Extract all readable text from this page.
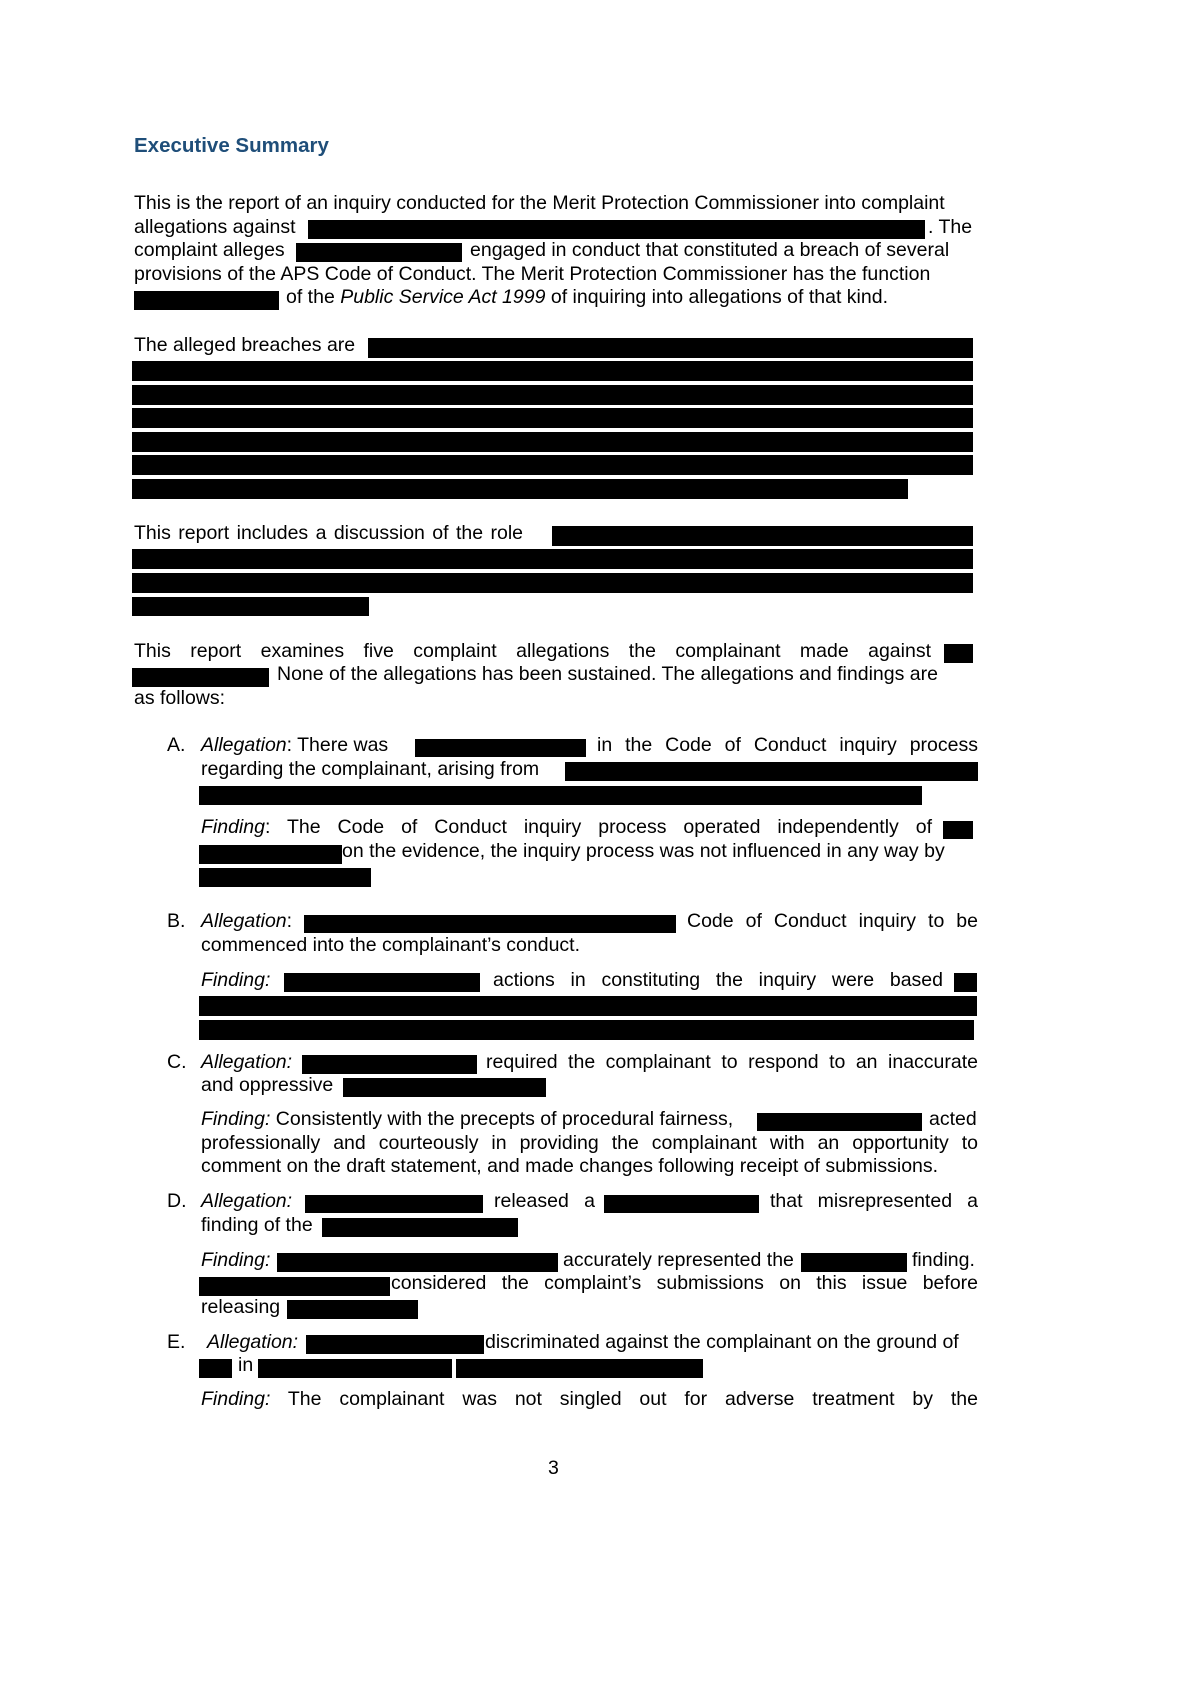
Executive Summary
This is the report of an inquiry conducted for the Merit Protection Commissioner into complaint
allegations against	. The
complaint alleges	engaged in conduct that constituted a breach of several
provisions of the APS Code of Conduct. The Merit Protection Commissioner has the function
of the Public Service Act 1999 of inquiring into allegations of that kind.
The alleged breaches are
This report includes a discussion of the role
This report examines five complaint allegations the complainant made against
None of the allegations has been sustained. The allegations and findings are
as follows:
A. Allegation: There was	in the Code of Conduct inquiry process
regarding the complainant, arising from
Finding: The Code of Conduct inquiry process operated independently of
on the evidence, the inquiry process was not influenced in any way by
B. Allegation:	Code of Conduct inquiry to be
commenced into the complainant’s conduct.
Finding:	actions in constituting the inquiry were based
C. Allegation:	required the complainant to respond to an inaccurate
and oppressive
Finding: Consistently with the precepts of procedural fairness,	acted
professionally and courteously in providing the complainant with an opportunity to
comment on the draft statement, and made changes following receipt of submissions.
D. Allegation:	released a	that misrepresented a
finding of the
Finding:	accurately represented the	finding.
considered the complaint’s submissions on this issue before
releasing
E. Allegation:	discriminated against the complainant on the ground of
in
Finding: The complainant was not singled out for adverse treatment by the
3
